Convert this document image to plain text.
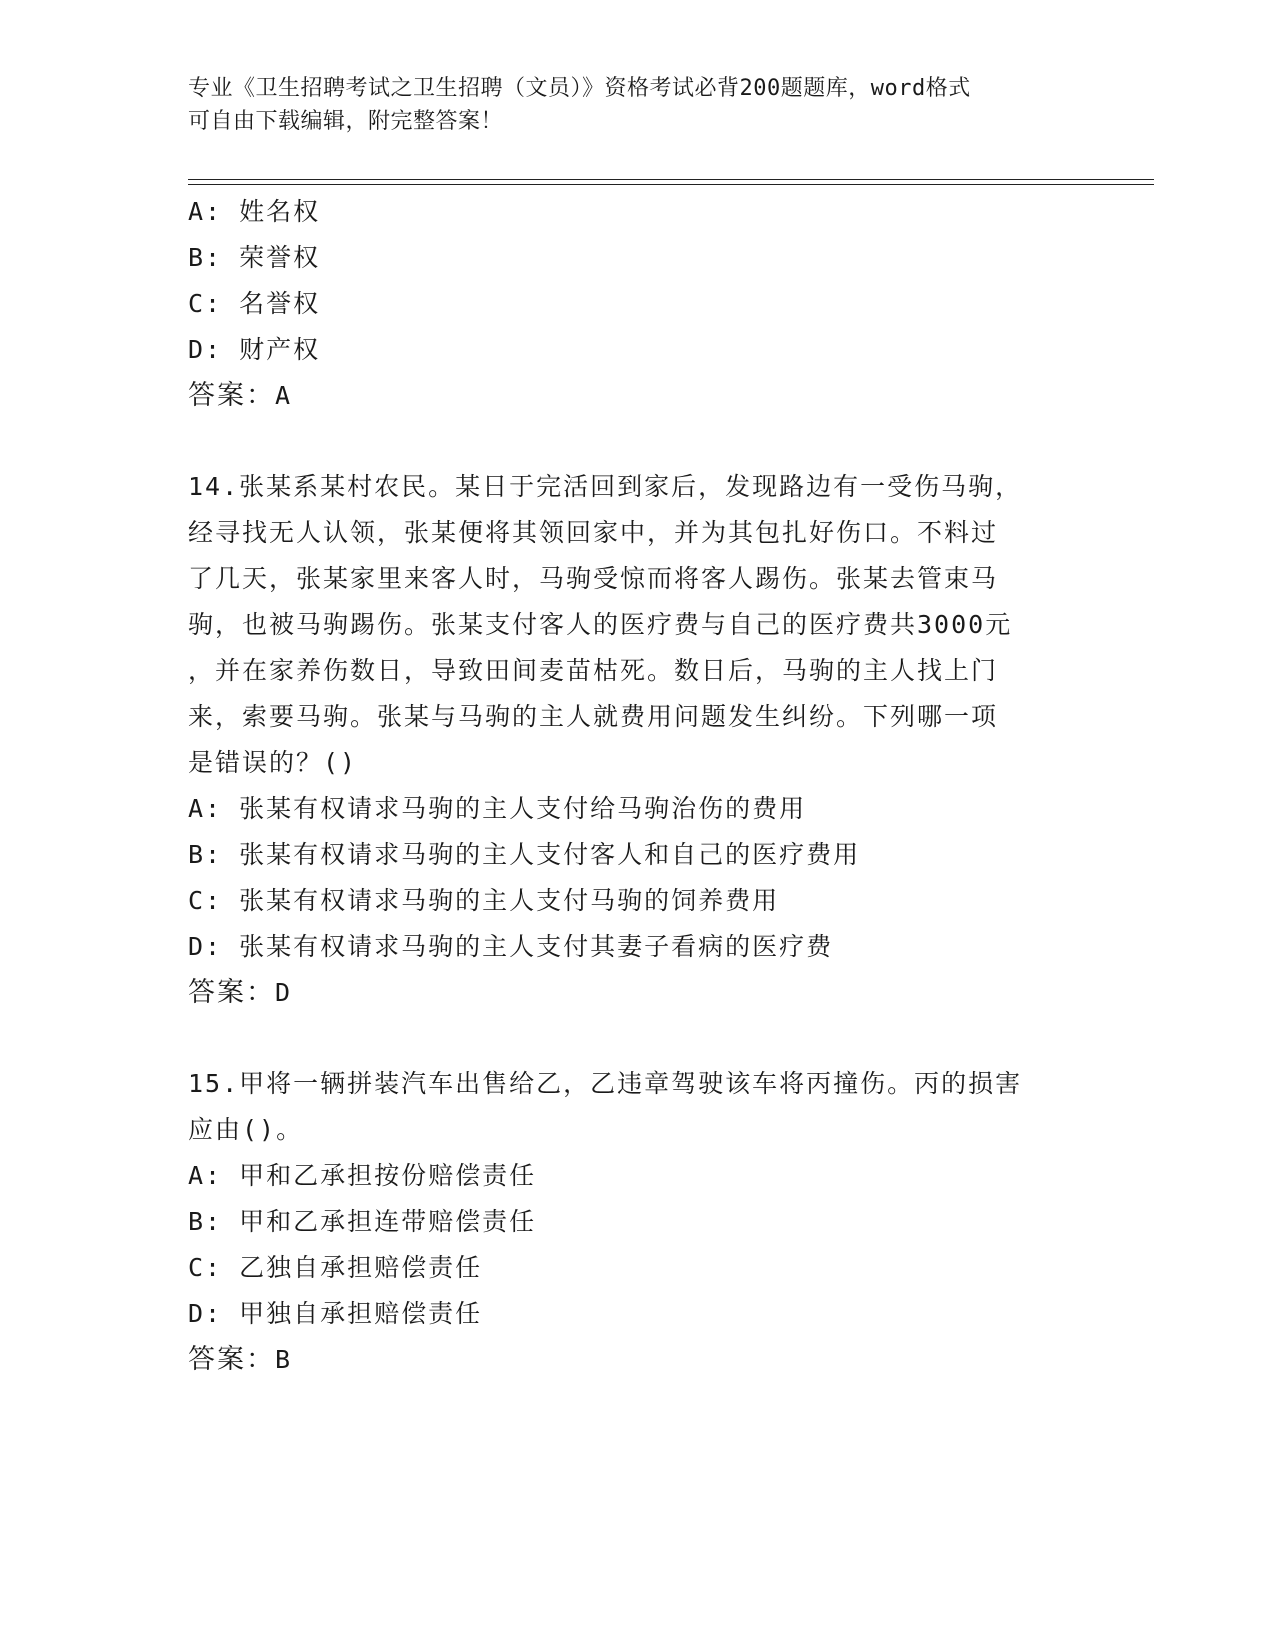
专业《卫生招聘考试之卫生招聘（文员）》资格考试必背200题题库，word格式
可自由下载编辑，附完整答案！
A: 姓名权
B: 荣誉权
C: 名誉权
D: 财产权
答案：A
14.张某系某村农民。某日于完活回到家后，发现路边有一受伤马驹，
经寻找无人认领，张某便将其领回家中，并为其包扎好伤口。不料过
了几天，张某家里来客人时，马驹受惊而将客人踢伤。张某去管束马
驹，也被马驹踢伤。张某支付客人的医疗费与自己的医疗费共3000元
，并在家养伤数日，导致田间麦苗枯死。数日后，马驹的主人找上门
来，索要马驹。张某与马驹的主人就费用问题发生纠纷。下列哪一项
是错误的？()
A: 张某有权请求马驹的主人支付给马驹治伤的费用
B: 张某有权请求马驹的主人支付客人和自己的医疗费用
C: 张某有权请求马驹的主人支付马驹的饲养费用
D: 张某有权请求马驹的主人支付其妻子看病的医疗费
答案：D
15.甲将一辆拼装汽车出售给乙，乙违章驾驶该车将丙撞伤。丙的损害
应由()。
A: 甲和乙承担按份赔偿责任
B: 甲和乙承担连带赔偿责任
C: 乙独自承担赔偿责任
D: 甲独自承担赔偿责任
答案：B
